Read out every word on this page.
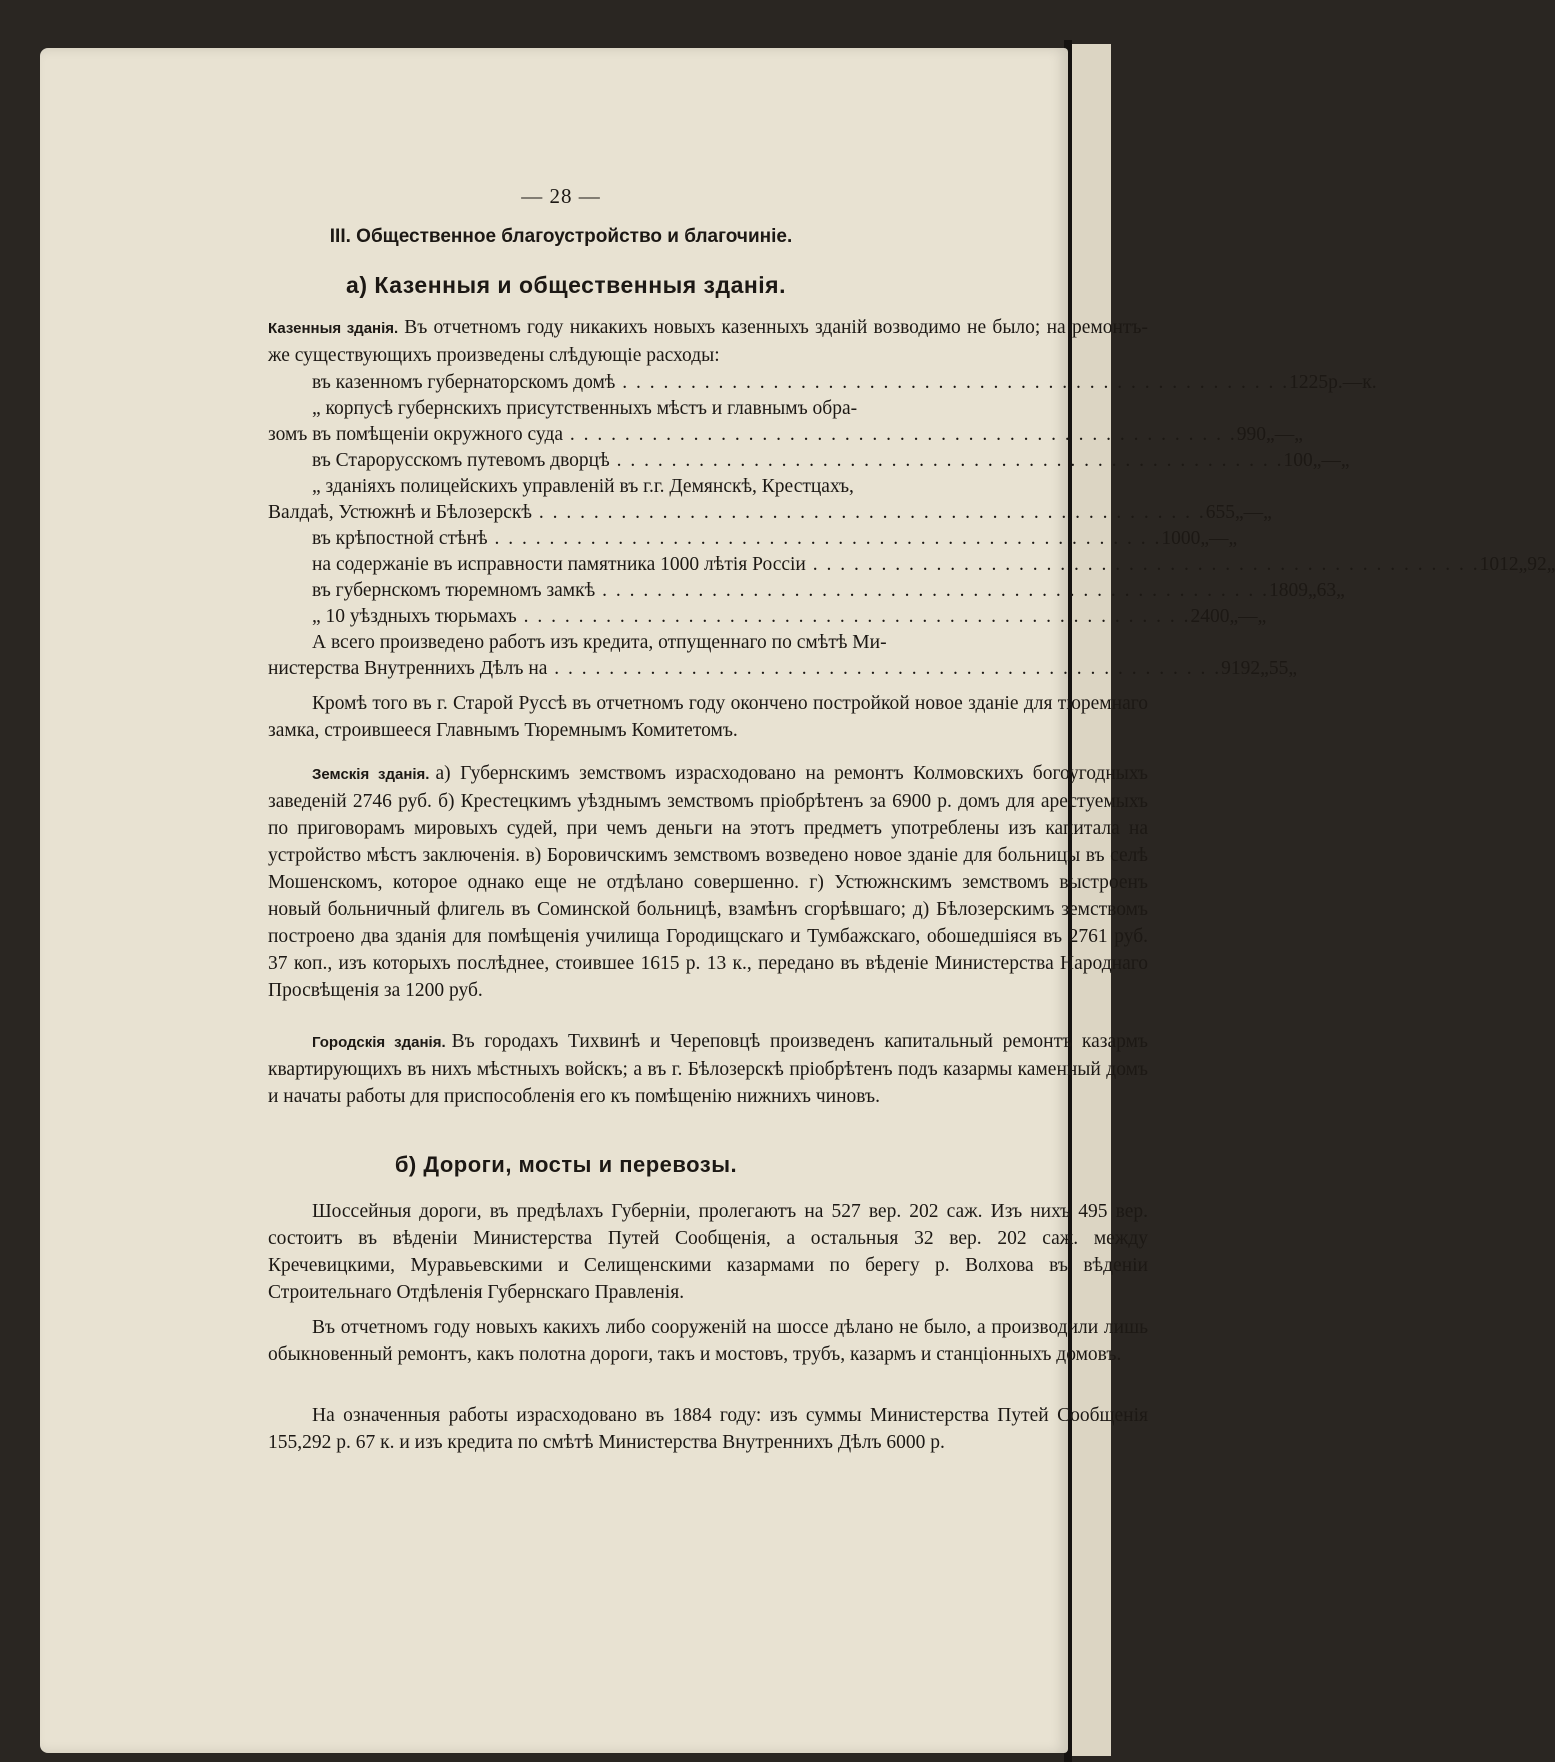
— 28 —
III. Общественное благоустройство и благочиніе.
а) Казенныя и общественныя зданія.
Казенныя зданія. Въ отчетномъ году никакихъ новыхъ казенныхъ зданій возводимо не было; на ремонтъ-же существующихъ произведены слѣдующіе расходы:
въ казенномъ губернаторскомъ домѣ . . .	1225 р. — к.
„ корпусѣ губернскихъ присутственныхъ мѣстъ и главнымъ обра-
зомъ въ помѣщеніи окружного суда . . .	990 „ — „
въ Старорусскомъ путевомъ дворцѣ . . .	100 „ — „
„ зданіяхъ полицейскихъ управленій въ г.г. Демянскѣ, Крестцахъ,
Валдаѣ, Устюжнѣ и Бѣлозерскѣ . . .	655 „ — „
въ крѣпостной стѣнѣ . . .	1000 „ — „
на содержаніе въ исправности памятника 1000 лѣтія Россіи . . .	1012 „ 92 „
въ губернскомъ тюремномъ замкѣ . . .	1809 „ 63 „
„ 10 уѣздныхъ тюрьмахъ . . .	2400 „ — „
А всего произведено работъ изъ кредита, отпущеннаго по смѣтѣ Ми-
нистерства Внутреннихъ Дѣлъ на . . .	9192 „ 55 „
Кромѣ того въ г. Старой Руссѣ въ отчетномъ году окончено постройкой новое зданіе для тюремнаго замка, строившееся Главнымъ Тюремнымъ Комитетомъ.
Земскія зданія. а) Губернскимъ земствомъ израсходовано на ремонтъ Колмовскихъ богоугодныхъ заведеній 2746 руб. б) Крестецкимъ уѣзднымъ земствомъ пріобрѣтенъ за 6900 р. домъ для арестуемыхъ по приговорамъ мировыхъ судей, при чемъ деньги на этотъ предметъ употреблены изъ капитала на устройство мѣстъ заключенія. в) Боровичскимъ земствомъ возведено новое зданіе для больницы въ селѣ Мошенскомъ, которое однако еще не отдѣлано совершенно. г) Устюжнскимъ земствомъ выстроенъ новый больничный флигель въ Соминской больницѣ, взамѣнъ сгорѣвшаго; д) Бѣлозерскимъ земствомъ построено два зданія для помѣщенія училища Городищскаго и Тумбажскаго, обошедшіяся въ 2761 руб. 37 коп., изъ которыхъ послѣднее, стоившее 1615 р. 13 к., передано въ вѣденіе Министерства Народнаго Просвѣщенія за 1200 руб.
Городскія зданія. Въ городахъ Тихвинѣ и Череповцѣ произведенъ капитальный ремонтъ казармъ квартирующихъ въ нихъ мѣстныхъ войскъ; а въ г. Бѣлозерскѣ пріобрѣтенъ подъ казармы каменный домъ и начаты работы для приспособленія его къ помѣщенію нижнихъ чиновъ.
б) Дороги, мосты и перевозы.
Шоссейныя дороги, въ предѣлахъ Губерніи, пролегаютъ на 527 вер. 202 саж. Изъ нихъ 495 вер. состоитъ въ вѣденіи Министерства Путей Сообщенія, а остальныя 32 вер. 202 саж. между Кречевицкими, Муравьевскими и Селищенскими казармами по берегу р. Волхова въ вѣденіи Строительнаго Отдѣленія Губернскаго Правленія.
Въ отчетномъ году новыхъ какихъ либо сооруженій на шоссе дѣлано не было, а производили лишь обыкновенный ремонтъ, какъ полотна дороги, такъ и мостовъ, трубъ, казармъ и станціонныхъ домовъ.
На означенныя работы израсходовано въ 1884 году: изъ суммы Министерства Путей Сообщенія 155,292 р. 67 к. и изъ кредита по смѣтѣ Министерства Внутреннихъ Дѣлъ 6000 р.
